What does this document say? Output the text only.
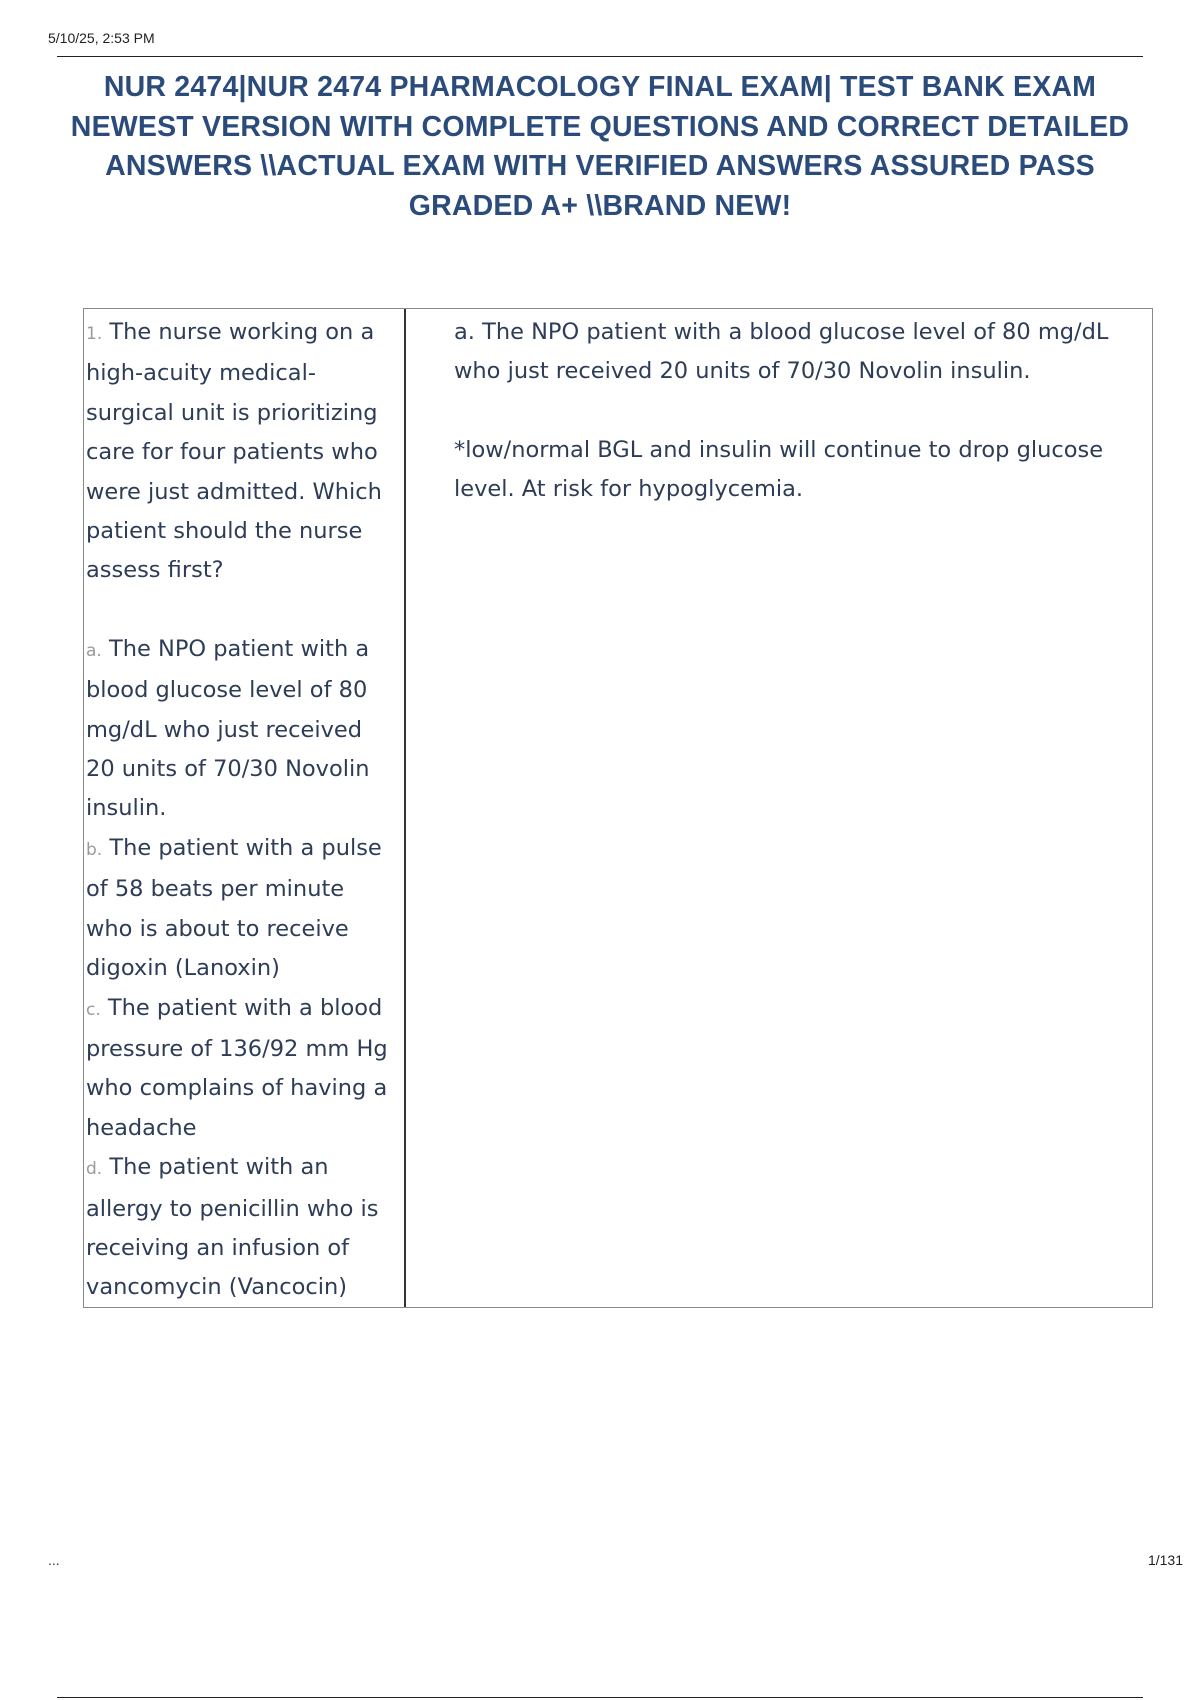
5/10/25, 2:53 PM
NUR 2474|NUR 2474 PHARMACOLOGY FINAL EXAM| TEST BANK EXAM NEWEST VERSION WITH COMPLETE QUESTIONS AND CORRECT DETAILED ANSWERS \\ACTUAL EXAM WITH VERIFIED ANSWERS ASSURED PASS GRADED A+ \\BRAND NEW!

1. The nurse working on a high-acuity medical-surgical unit is prioritizing care for four patients who were just admitted. Which patient should the nurse assess first?

a. The NPO patient with a blood glucose level of 80 mg/dL who just received 20 units of 70/30 Novolin insulin.

b. The patient with a pulse of 58 beats per minute who is about to receive digoxin (Lanoxin)

c. The patient with a blood pressure of 136/92 mm Hg who complains of having a headache

d. The patient with an allergy to penicillin who is receiving an infusion of vancomycin (Vancocin)

a. The NPO patient with a blood glucose level of 80 mg/dL who just received 20 units of 70/30 Novolin insulin.

*low/normal BGL and insulin will continue to drop glucose level. At risk for hypoglycemia.

...	1/131
